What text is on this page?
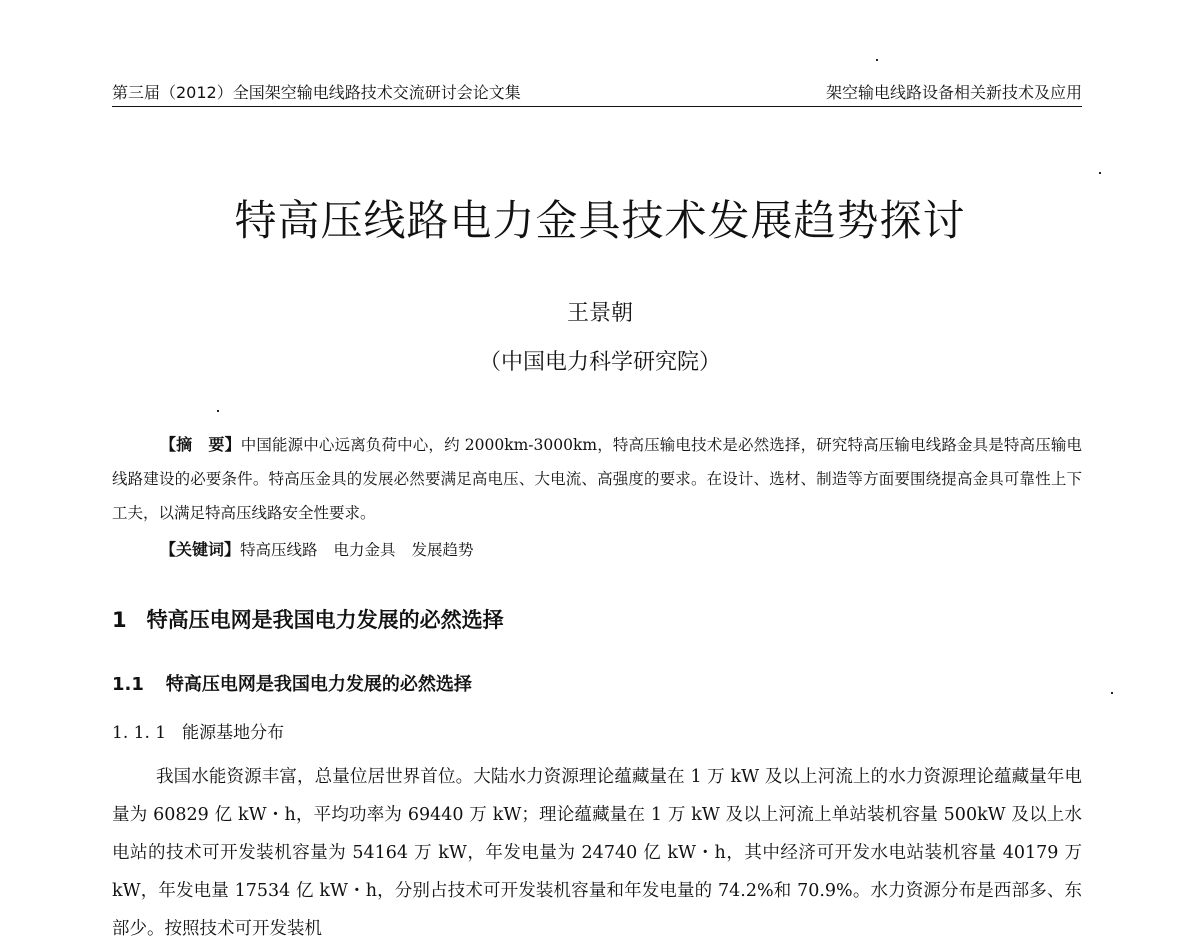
第三届（2012）全国架空输电线路技术交流研讨会论文集	架空输电线路设备相关新技术及应用
特高压线路电力金具技术发展趋势探讨
王景朝
（中国电力科学研究院）
【摘　要】中国能源中心远离负荷中心，约 2000km-3000km，特高压输电技术是必然选择，研究特高压输电线路金具是特高压输电线路建设的必要条件。特高压金具的发展必然要满足高电压、大电流、高强度的要求。在设计、选材、制造等方面要围绕提高金具可靠性上下工夫，以满足特高压线路安全性要求。
【关键词】特高压线路 电力金具 发展趋势
1 特高压电网是我国电力发展的必然选择
1.1 特高压电网是我国电力发展的必然选择
1. 1. 1 能源基地分布
我国水能资源丰富，总量位居世界首位。大陆水力资源理论蕴藏量在 1 万 kW 及以上河流上的水力资源理论蕴藏量年电量为 60829 亿 kW・h，平均功率为 69440 万 kW；理论蕴藏量在 1 万 kW 及以上河流上单站装机容量 500kW 及以上水电站的技术可开发装机容量为 54164 万 kW，年发电量为 24740 亿 kW・h，其中经济可开发水电站装机容量 40179 万 kW，年发电量 17534 亿 kW・h，分别占技术可开发装机容量和年发电量的 74.2%和 70.9%。水力资源分布是西部多、东部少。按照技术可开发装机
